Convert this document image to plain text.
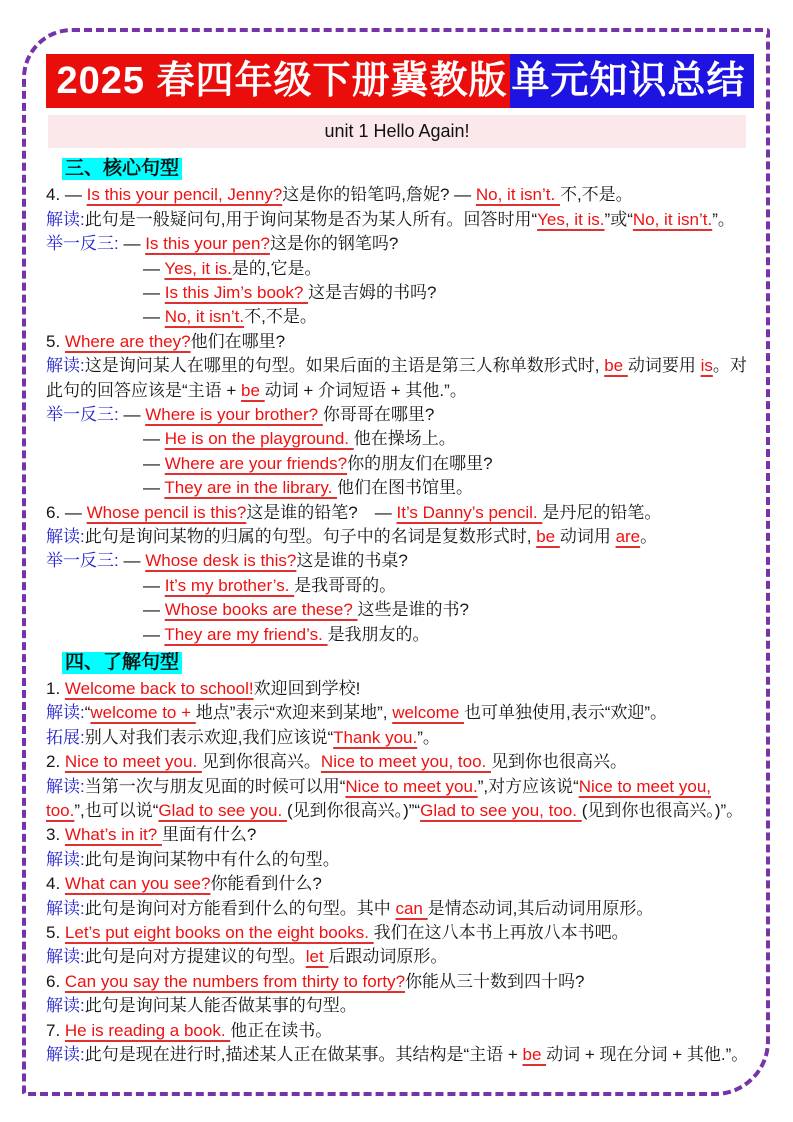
2025 春四年级下册冀教版 单元知识总结
unit 1 Hello Again!
三、核心句型
4. — Is this your pencil, Jenny?这是你的铅笔吗,詹妮? — No, it isn’t. 不,不是。
解读:此句是一般疑问句,用于询问某物是否为某人所有。回答时用“Yes, it is.”或“No, it isn’t.”。
举一反三: — Is this your pen?这是你的钢笔吗?
— Yes, it is.是的,它是。
— Is this Jim’s book? 这是吉姆的书吗?
— No, it isn’t.不,不是。
5. Where are they?他们在哪里?
解读:这是询问某人在哪里的句型。如果后面的主语是第三人称单数形式时, be 动词要用 is。对此句的回答应该是“主语 + be 动词 + 介词短语 + 其他.”。
举一反三: — Where is your brother? 你哥哥在哪里?
— He is on the playground. 他在操场上。
— Where are your friends?你的朋友们在哪里?
— They are in the library. 他们在图书馆里。
6. — Whose pencil is this?这是谁的铅笔?　— It’s Danny’s pencil. 是丹尼的铅笔。
解读:此句是询问某物的归属的句型。句子中的名词是复数形式时, be 动词用 are。
举一反三: — Whose desk is this?这是谁的书桌?
— It’s my brother’s. 是我哥哥的。
— Whose books are these? 这些是谁的书?
— They are my friend’s. 是我朋友的。
四、了解句型
1. Welcome back to school!欢迎回到学校!
解读:“welcome to + 地点”表示“欢迎来到某地”, welcome 也可单独使用,表示“欢迎”。
拓展:别人对我们表示欢迎,我们应该说“Thank you.”。
2. Nice to meet you. 见到你很高兴。Nice to meet you, too. 见到你也很高兴。
解读:当第一次与朋友见面的时候可以用“Nice to meet you.”,对方应该说“Nice to meet you, too.”,也可以说“Glad to see you. (见到你很高兴。)”“Glad to see you, too. (见到你也很高兴。)”。
3. What’s in it? 里面有什么?
解读:此句是询问某物中有什么的句型。
4. What can you see?你能看到什么?
解读:此句是询问对方能看到什么的句型。其中 can 是情态动词,其后动词用原形。
5. Let’s put eight books on the eight books. 我们在这八本书上再放八本书吧。
解读:此句是向对方提建议的句型。let 后跟动词原形。
6. Can you say the numbers from thirty to forty?你能从三十数到四十吗?
解读:此句是询问某人能否做某事的句型。
7. He is reading a book. 他正在读书。
解读:此句是现在进行时,描述某人正在做某事。其结构是“主语 + be 动词 + 现在分词 + 其他.”。
